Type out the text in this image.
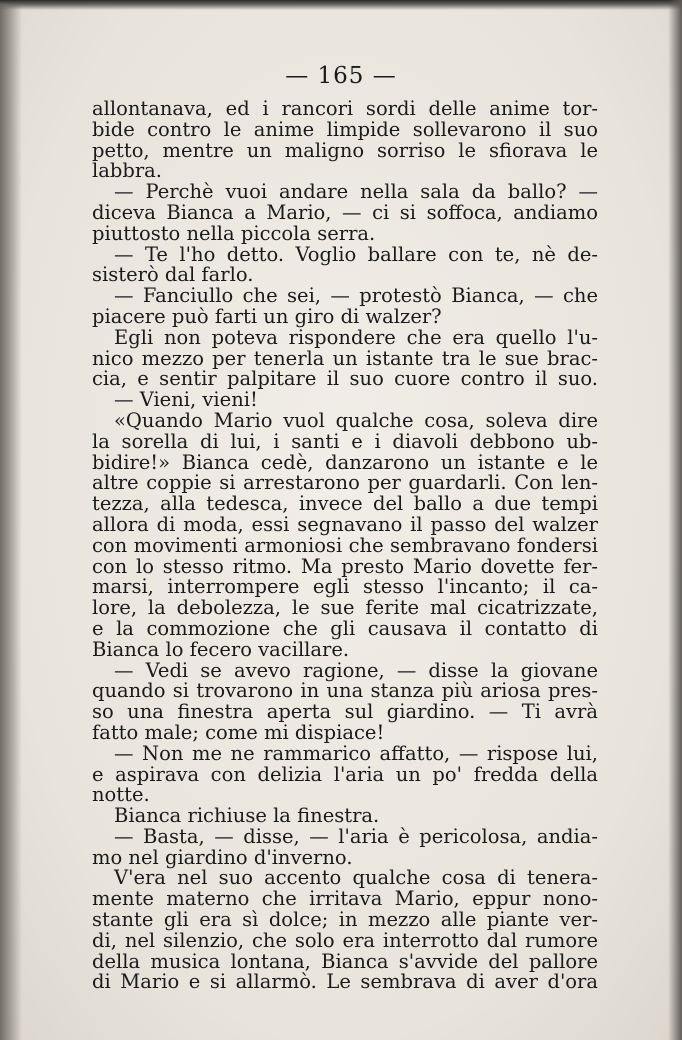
— 165 —
allontanava, ed i rancori sordi delle anime tor-
bide contro le anime limpide sollevarono il suo
petto, mentre un maligno sorriso le sfiorava le
labbra.
— Perchè vuoi andare nella sala da ballo? —
diceva Bianca a Mario, — ci si soffoca, andiamo
piuttosto nella piccola serra.
— Te l'ho detto. Voglio ballare con te, nè de-
sisterò dal farlo.
— Fanciullo che sei, — protestò Bianca, — che
piacere può farti un giro di walzer?
Egli non poteva rispondere che era quello l'u-
nico mezzo per tenerla un istante tra le sue brac-
cia, e sentir palpitare il suo cuore contro il suo.
— Vieni, vieni!
«Quando Mario vuol qualche cosa, soleva dire
la sorella di lui, i santi e i diavoli debbono ub-
bidire!» Bianca cedè, danzarono un istante e le
altre coppie si arrestarono per guardarli. Con len-
tezza, alla tedesca, invece del ballo a due tempi
allora di moda, essi segnavano il passo del walzer
con movimenti armoniosi che sembravano fondersi
con lo stesso ritmo. Ma presto Mario dovette fer-
marsi, interrompere egli stesso l'incanto; il ca-
lore, la debolezza, le sue ferite mal cicatrizzate,
e la commozione che gli causava il contatto di
Bianca lo fecero vacillare.
— Vedi se avevo ragione, — disse la giovane
quando si trovarono in una stanza più ariosa pres-
so una finestra aperta sul giardino. — Ti avrà
fatto male; come mi dispiace!
— Non me ne rammarico affatto, — rispose lui,
e aspirava con delizia l'aria un po' fredda della
notte.
Bianca richiuse la finestra.
— Basta, — disse, — l'aria è pericolosa, andia-
mo nel giardino d'inverno.
V'era nel suo accento qualche cosa di tenera-
mente materno che irritava Mario, eppur nono-
stante gli era sì dolce; in mezzo alle piante ver-
di, nel silenzio, che solo era interrotto dal rumore
della musica lontana, Bianca s'avvide del pallore
di Mario e si allarmò. Le sembrava di aver d'ora
